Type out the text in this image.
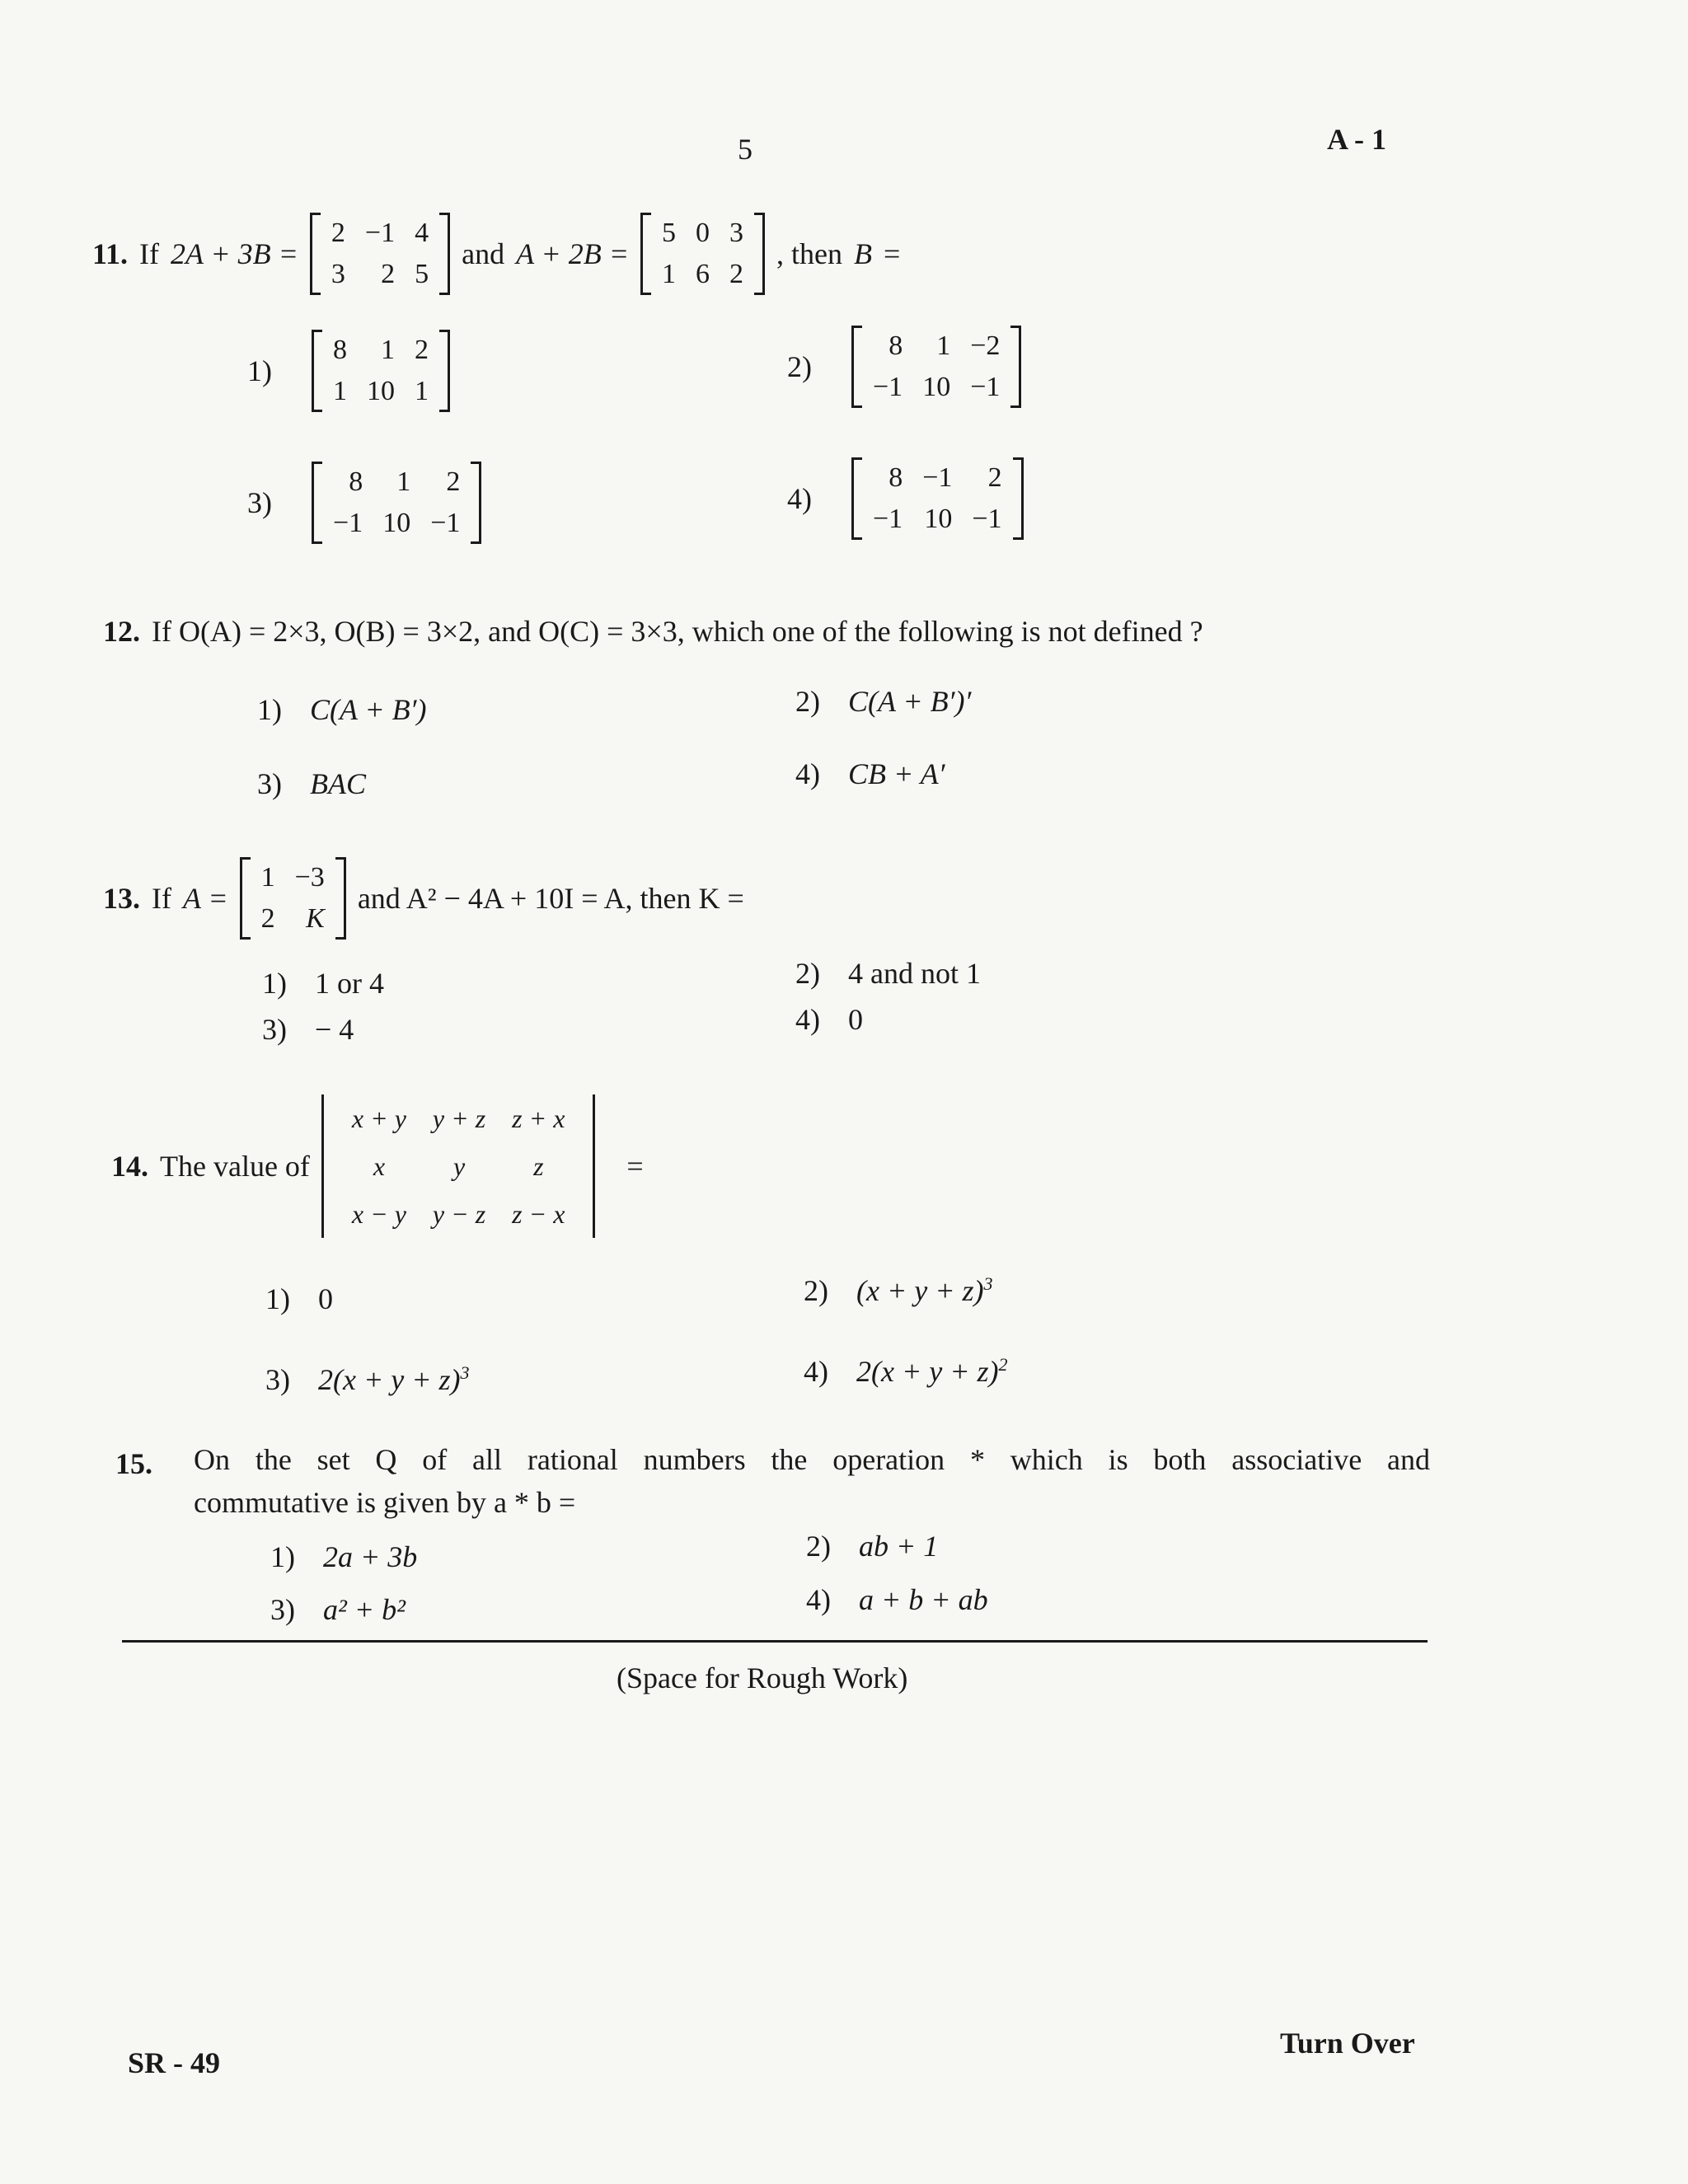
5	A - 1
11. If 2A + 3B =
2	−1	4
3	2	5
and A + 2B =
5	0	3
1	6	2
, then B =
1)
8	1	2
1	10	1
2)
8	1	−2
−1	10	−1
3)
8	1	2
−1	10	−1
4)
8	−1	2
−1	10	−1
12. If O(A) = 2×3, O(B) = 3×2, and O(C) = 3×3, which one of the following is not defined ?
1) C(A + B′)	2) C(A + B′)′
3) BAC	4) CB + A′
13. If A =
1	−3
2	K
and A² − 4A + 10I = A, then K =
1) 1 or 4	2) 4 and not 1
3) − 4	4) 0
14. The value of
x + y	y + z	z + x
x	y	z
x − y	y − z	z − x
=
1) 0	2) $(x + y + z)^3$
3) $2(x + y + z)^3$	4) $2(x + y + z)^2$
15. On the set Q of all rational numbers the operation * which is both associative and
commutative is given by a * b =
1) 2a + 3b	2) ab + 1
3) a² + b²	4) a + b + ab
(Space for Rough Work)
SR - 49
Turn Over
